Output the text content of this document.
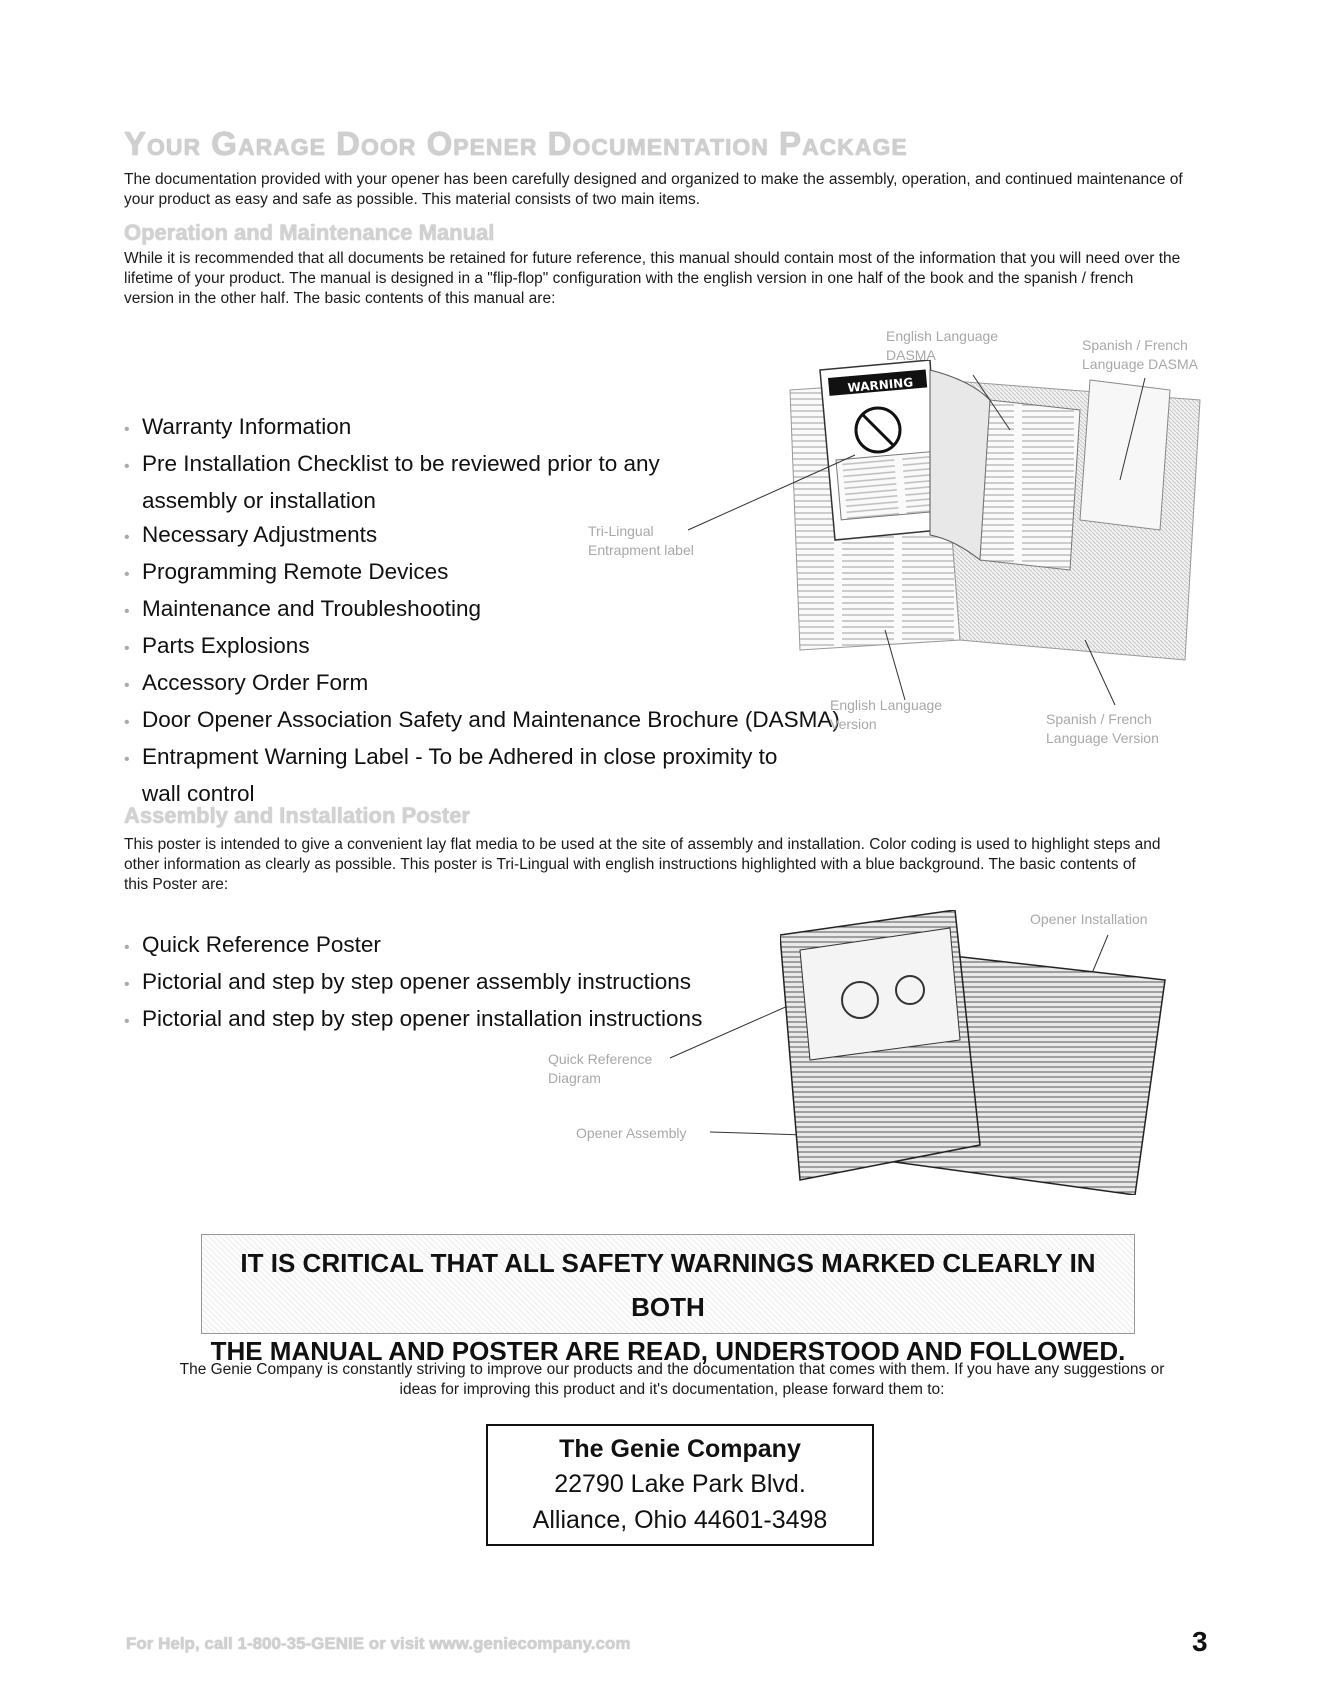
Your Garage Door Opener Documentation Package
The documentation provided with your opener has been carefully designed and organized to make the assembly, operation, and continued maintenance of your product as easy and safe as possible. This material consists of two main items.
Operation and Maintenance Manual
While it is recommended that all documents be retained for future reference, this manual should contain most of the information that you will need over the lifetime of your product. The manual is designed in a "flip-flop" configuration with the english version in one half of the book and the spanish / french version in the other half. The basic contents of this manual are:
• Warranty Information
• Pre Installation Checklist to be reviewed prior to any assembly or installation
• Necessary Adjustments
• Programming Remote Devices
• Maintenance and Troubleshooting
• Parts Explosions
• Accessory Order Form
• Door Opener Association Safety and Maintenance Brochure (DASMA)
• Entrapment Warning Label - To be Adhered in close proximity to wall control
WARNING
English Language DASMA
Spanish / French Language DASMA
Tri-Lingual Entrapment label
English Language Version	Spanish / French Language Version
Assembly and Installation Poster
This poster is intended to give a convenient lay flat media to be used at the site of assembly and installation. Color coding is used to highlight steps and other information as clearly as possible. This poster is Tri-Lingual with english instructions highlighted with a blue background. The basic contents of this Poster are:
• Quick Reference Poster
• Pictorial and step by step opener assembly instructions
• Pictorial and step by step opener installation instructions
Opener Installation
Quick Reference Diagram
Opener Assembly
IT IS CRITICAL THAT ALL SAFETY WARNINGS MARKED CLEARLY IN BOTH
THE MANUAL AND POSTER ARE READ, UNDERSTOOD AND FOLLOWED.
The Genie Company is constantly striving to improve our products and the documentation that comes with them. If you have any suggestions or ideas for improving this product and it's documentation, please forward them to:
The Genie Company
22790 Lake Park Blvd.
Alliance, Ohio 44601-3498
For Help, call 1-800-35-GENIE or visit www.geniecompany.com	3
